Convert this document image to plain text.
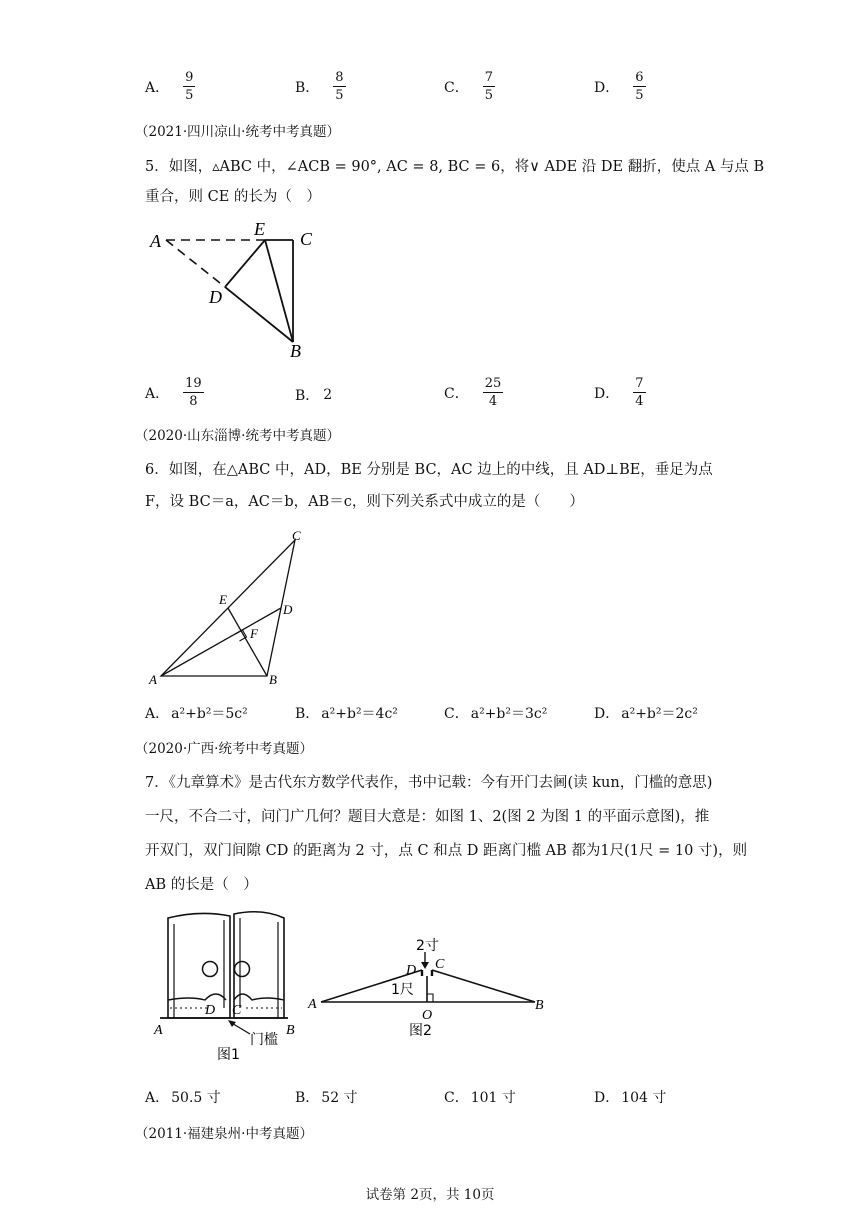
A． $\frac{9}{5}$	B． $\frac{8}{5}$	C． $\frac{7}{5}$	D． $\frac{6}{5}$
（2021·四川凉山·统考中考真题）
5．如图，▵ABC 中，∠ACB = 90°, AC = 8, BC = 6，将∨ ADE 沿 DE 翻折，使点 A 与点 B
重合，则 CE 的长为（　）
A
E C
D
B
A． $\frac{19}{8}$	B． 2	C． $\frac{25}{4}$	D． $\frac{7}{4}$
（2020·山东淄博·统考中考真题）
6．如图，在△ABC 中，AD，BE 分别是 BC，AC 边上的中线，且 AD⊥BE，垂足为点
F，设 BC＝a，AC＝b，AB＝c，则下列关系式中成立的是（　　）
A	B
C
D
E
F
A． a²+b²＝5c²	B． a²+b²＝4c²	C． a²+b²＝3c²	D． a²+b²＝2c²
（2020·广西·统考中考真题）
7．《九章算术》是古代东方数学代表作，书中记载：今有开门去阃(读 kun，门槛的意思)
一尺，不合二寸，问门广几何？题目大意是：如图 1、2(图 2 为图 1 的平面示意图)，推
开双门，双门间隙 CD 的距离为 2 寸，点 C 和点 D 距离门槛 AB 都为1尺(1尺 = 10 寸)，则
AB 的长是（　）
A	B
D C
门槛
图1
2寸
1尺
D C
A	B
O
图2
A． 50.5 寸	B． 52 寸	C． 101 寸	D． 104 寸
（2011·福建泉州·中考真题）
试卷第 2页，共 10页
